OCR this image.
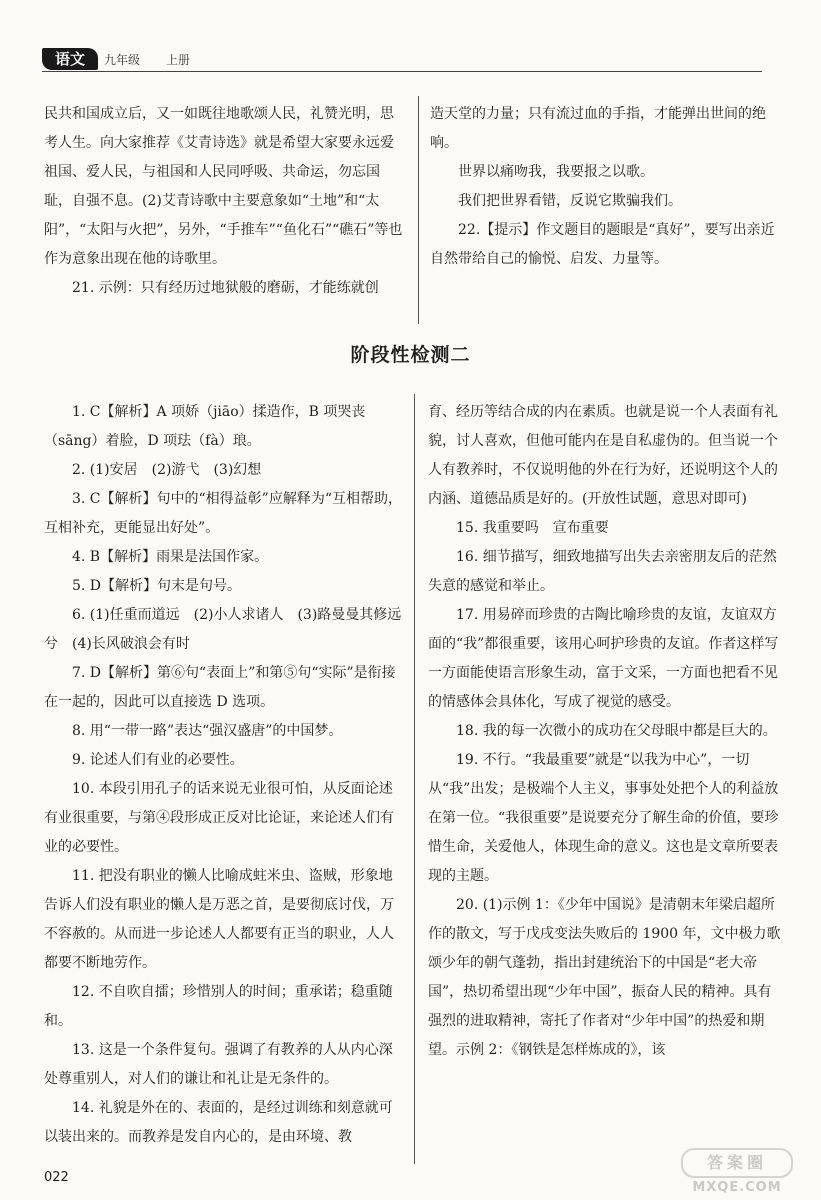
语文	九年级 上册

民共和国成立后，又一如既往地歌颂人民，礼赞光明，思考人生。向大家推荐《艾青诗选》就是希望大家要永远爱祖国、爱人民，与祖国和人民同呼吸、共命运，勿忘国耻，自强不息。(2)艾青诗歌中主要意象如“土地”和“太阳”，“太阳与火把”，另外，“手推车”“鱼化石”“礁石”等也作为意象出现在他的诗歌里。

21. 示例：只有经历过地狱般的磨砺，才能练就创

造天堂的力量；只有流过血的手指，才能弹出世间的绝响。

世界以痛吻我，我要报之以歌。

我们把世界看错，反说它欺骗我们。

22.【提示】作文题目的题眼是“真好”，要写出亲近自然带给自己的愉悦、启发、力量等。

阶段性检测二

1. C【解析】A 项娇（jiāo）揉造作，B 项哭丧（sāng）着脸，D 项珐（fà）琅。

2. (1)安居　(2)游弋　(3)幻想

3. C【解析】句中的“相得益彰”应解释为“互相帮助，互相补充，更能显出好处”。

4. B【解析】雨果是法国作家。

5. D【解析】句末是句号。

6. (1)任重而道远　(2)小人求诸人　(3)路曼曼其修远兮　(4)长风破浪会有时

7. D【解析】第⑥句“表面上”和第⑤句“实际”是衔接在一起的，因此可以直接选 D 选项。

8. 用“一带一路”表达“强汉盛唐”的中国梦。

9. 论述人们有业的必要性。

10. 本段引用孔子的话来说无业很可怕，从反面论述有业很重要，与第④段形成正反对比论证，来论述人们有业的必要性。

11. 把没有职业的懒人比喻成蛀米虫、盗贼，形象地告诉人们没有职业的懒人是万恶之首，是要彻底讨伐，万不容赦的。从而进一步论述人人都要有正当的职业，人人都要不断地劳作。

12. 不自吹自擂；珍惜别人的时间；重承诺；稳重随和。

13. 这是一个条件复句。强调了有教养的人从内心深处尊重别人，对人们的谦让和礼让是无条件的。

14. 礼貌是外在的、表面的，是经过训练和刻意就可以装出来的。而教养是发自内心的，是由环境、教

育、经历等结合成的内在素质。也就是说一个人表面有礼貌，讨人喜欢，但他可能内在是自私虚伪的。但当说一个人有教养时，不仅说明他的外在行为好，还说明这个人的内涵、道德品质是好的。(开放性试题，意思对即可)

15. 我重要吗　宣布重要

16. 细节描写，细致地描写出失去亲密朋友后的茫然失意的感觉和举止。

17. 用易碎而珍贵的古陶比喻珍贵的友谊，友谊双方面的“我”都很重要，该用心呵护珍贵的友谊。作者这样写一方面能使语言形象生动，富于文采，一方面也把看不见的情感体会具体化，写成了视觉的感受。

18. 我的每一次微小的成功在父母眼中都是巨大的。

19. 不行。“我最重要”就是“以我为中心”，一切从“我”出发；是极端个人主义，事事处处把个人的利益放在第一位。“我很重要”是说要充分了解生命的价值，要珍惜生命，关爱他人，体现生命的意义。这也是文章所要表现的主题。

20. (1)示例 1：《少年中国说》是清朝末年梁启超所作的散文，写于戊戌变法失败后的 1900 年，文中极力歌颂少年的朝气蓬勃，指出封建统治下的中国是“老大帝国”，热切希望出现“少年中国”，振奋人民的精神。具有强烈的进取精神，寄托了作者对“少年中国”的热爱和期望。示例 2：《钢铁是怎样炼成的》，该

022
答案圈
MXQE.COM
